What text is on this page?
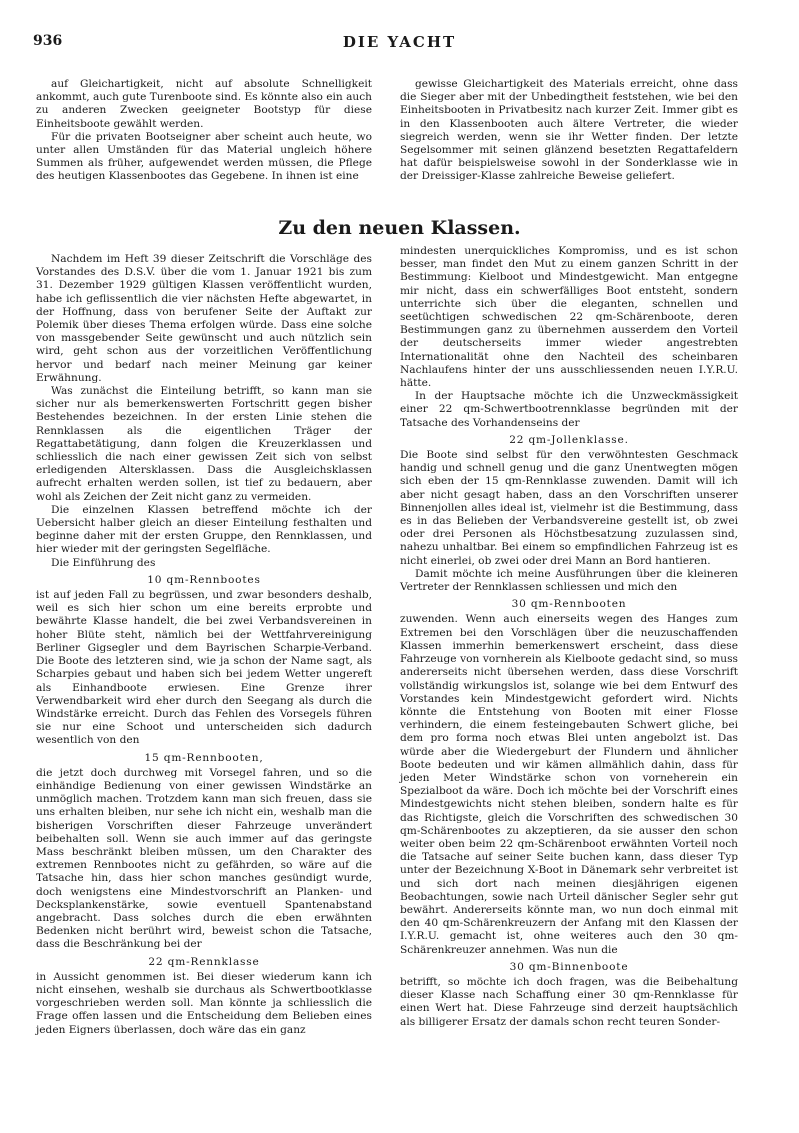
936	DIE YACHT

auf Gleichartigkeit, nicht auf absolute Schnelligkeit ankommt, auch gute Turenboote sind. Es könnte also ein auch zu anderen Zwecken geeigneter Bootstyp für diese Einheitsboote gewählt werden.

Für die privaten Bootseigner aber scheint auch heute, wo unter allen Umständen für das Material ungleich höhere Summen als früher, aufgewendet werden müssen, die Pflege des heutigen Klassenbootes das Gegebene. In ihnen ist eine

gewisse Gleichartigkeit des Materials erreicht, ohne dass die Sieger aber mit der Unbedingtheit feststehen, wie bei den Einheitsbooten in Privatbesitz nach kurzer Zeit. Immer gibt es in den Klassenbooten auch ältere Vertreter, die wieder siegreich werden, wenn sie ihr Wetter finden. Der letzte Segelsommer mit seinen glänzend besetzten Regattafeldern hat dafür beispielsweise sowohl in der Sonderklasse wie in der Dreissiger-Klasse zahlreiche Beweise geliefert.

Zu den neuen Klassen.

Nachdem im Heft 39 dieser Zeitschrift die Vorschläge des Vorstandes des D.S.V. über die vom 1. Januar 1921 bis zum 31. Dezember 1929 gültigen Klassen veröffentlicht wurden, habe ich geflissentlich die vier nächsten Hefte abgewartet, in der Hoffnung, dass von berufener Seite der Auftakt zur Polemik über dieses Thema erfolgen würde. Dass eine solche von massgebender Seite gewünscht und auch nützlich sein wird, geht schon aus der vorzeitlichen Veröffentlichung hervor und bedarf nach meiner Meinung gar keiner Erwähnung.

Was zunächst die Einteilung betrifft, so kann man sie sicher nur als bemerkenswerten Fortschritt gegen bisher Bestehendes bezeichnen. In der ersten Linie stehen die Rennklassen als die eigentlichen Träger der Regattabetätigung, dann folgen die Kreuzerklassen und schliesslich die nach einer gewissen Zeit sich von selbst erledigenden Altersklassen. Dass die Ausgleichsklassen aufrecht erhalten werden sollen, ist tief zu bedauern, aber wohl als Zeichen der Zeit nicht ganz zu vermeiden.

Die einzelnen Klassen betreffend möchte ich der Uebersicht halber gleich an dieser Einteilung festhalten und beginne daher mit der ersten Gruppe, den Rennklassen, und hier wieder mit der geringsten Segelfläche.

Die Einführung des

10 qm-Rennbootes

ist auf jeden Fall zu begrüssen, und zwar besonders deshalb, weil es sich hier schon um eine bereits erprobte und bewährte Klasse handelt, die bei zwei Verbandsvereinen in hoher Blüte steht, nämlich bei der Wettfahrvereinigung Berliner Gigsegler und dem Bayrischen Scharpie-Verband. Die Boote des letzteren sind, wie ja schon der Name sagt, als Scharpies gebaut und haben sich bei jedem Wetter ungereft als Einhandboote erwiesen. Eine Grenze ihrer Verwendbarkeit wird eher durch den Seegang als durch die Windstärke erreicht. Durch das Fehlen des Vorsegels führen sie nur eine Schoot und unterscheiden sich dadurch wesentlich von den

15 qm-Rennbooten,

die jetzt doch durchweg mit Vorsegel fahren, und so die einhändige Bedienung von einer gewissen Windstärke an unmöglich machen. Trotzdem kann man sich freuen, dass sie uns erhalten bleiben, nur sehe ich nicht ein, weshalb man die bisherigen Vorschriften dieser Fahrzeuge unverändert beibehalten soll. Wenn sie auch immer auf das geringste Mass beschränkt bleiben müssen, um den Charakter des extremen Rennbootes nicht zu gefährden, so wäre auf die Tatsache hin, dass hier schon manches gesündigt wurde, doch wenigstens eine Mindestvorschrift an Planken- und Decksplankenstärke, sowie eventuell Spantenabstand angebracht. Dass solches durch die eben erwähnten Bedenken nicht berührt wird, beweist schon die Tatsache, dass die Beschränkung bei der

22 qm-Rennklasse

in Aussicht genommen ist. Bei dieser wiederum kann ich nicht einsehen, weshalb sie durchaus als Schwertbootklasse vorgeschrieben werden soll. Man könnte ja schliesslich die Frage offen lassen und die Entscheidung dem Belieben eines jeden Eigners überlassen, doch wäre das ein ganz

mindesten unerquickliches Kompromiss, und es ist schon besser, man findet den Mut zu einem ganzen Schritt in der Bestimmung: Kielboot und Mindestgewicht. Man entgegne mir nicht, dass ein schwerfälliges Boot entsteht, sondern unterrichte sich über die eleganten, schnellen und seetüchtigen schwedischen 22 qm-Schärenboote, deren Bestimmungen ganz zu übernehmen ausserdem den Vorteil der deutscherseits immer wieder angestrebten Internationalität ohne den Nachteil des scheinbaren Nachlaufens hinter der uns ausschliessenden neuen I.Y.R.U. hätte.

In der Hauptsache möchte ich die Unzweckmässigkeit einer 22 qm-Schwertbootrennklasse begründen mit der Tatsache des Vorhandenseins der

22 qm-Jollenklasse.

Die Boote sind selbst für den verwöhntesten Geschmack handig und schnell genug und die ganz Unentwegten mögen sich eben der 15 qm-Rennklasse zuwenden. Damit will ich aber nicht gesagt haben, dass an den Vorschriften unserer Binnenjollen alles ideal ist, vielmehr ist die Bestimmung, dass es in das Belieben der Verbandsvereine gestellt ist, ob zwei oder drei Personen als Höchstbesatzung zuzulassen sind, nahezu unhaltbar. Bei einem so empfindlichen Fahrzeug ist es nicht einerlei, ob zwei oder drei Mann an Bord hantieren.

Damit möchte ich meine Ausführungen über die kleineren Vertreter der Rennklassen schliessen und mich den

30 qm-Rennbooten

zuwenden. Wenn auch einerseits wegen des Hanges zum Extremen bei den Vorschlägen über die neuzuschaffenden Klassen immerhin bemerkenswert erscheint, dass diese Fahrzeuge von vornherein als Kielboote gedacht sind, so muss andererseits nicht übersehen werden, dass diese Vorschrift vollständig wirkungslos ist, solange wie bei dem Entwurf des Vorstandes kein Mindestgewicht gefordert wird. Nichts könnte die Entstehung von Booten mit einer Flosse verhindern, die einem festeingebauten Schwert gliche, bei dem pro forma noch etwas Blei unten angebolzt ist. Das würde aber die Wiedergeburt der Flundern und ähnlicher Boote bedeuten und wir kämen allmählich dahin, dass für jeden Meter Windstärke schon von vorneherein ein Spezialboot da wäre. Doch ich möchte bei der Vorschrift eines Mindestgewichts nicht stehen bleiben, sondern halte es für das Richtigste, gleich die Vorschriften des schwedischen 30 qm-Schärenbootes zu akzeptieren, da sie ausser den schon weiter oben beim 22 qm-Schärenboot erwähnten Vorteil noch die Tatsache auf seiner Seite buchen kann, dass dieser Typ unter der Bezeichnung X-Boot in Dänemark sehr verbreitet ist und sich dort nach meinen diesjährigen eigenen Beobachtungen, sowie nach Urteil dänischer Segler sehr gut bewährt. Andererseits könnte man, wo nun doch einmal mit den 40 qm-Schärenkreuzern der Anfang mit den Klassen der I.Y.R.U. gemacht ist, ohne weiteres auch den 30 qm-Schärenkreuzer annehmen. Was nun die

30 qm-Binnenboote

betrifft, so möchte ich doch fragen, was die Beibehaltung dieser Klasse nach Schaffung einer 30 qm-Rennklasse für einen Wert hat. Diese Fahrzeuge sind derzeit hauptsächlich als billigerer Ersatz der damals schon recht teuren Sonder-
